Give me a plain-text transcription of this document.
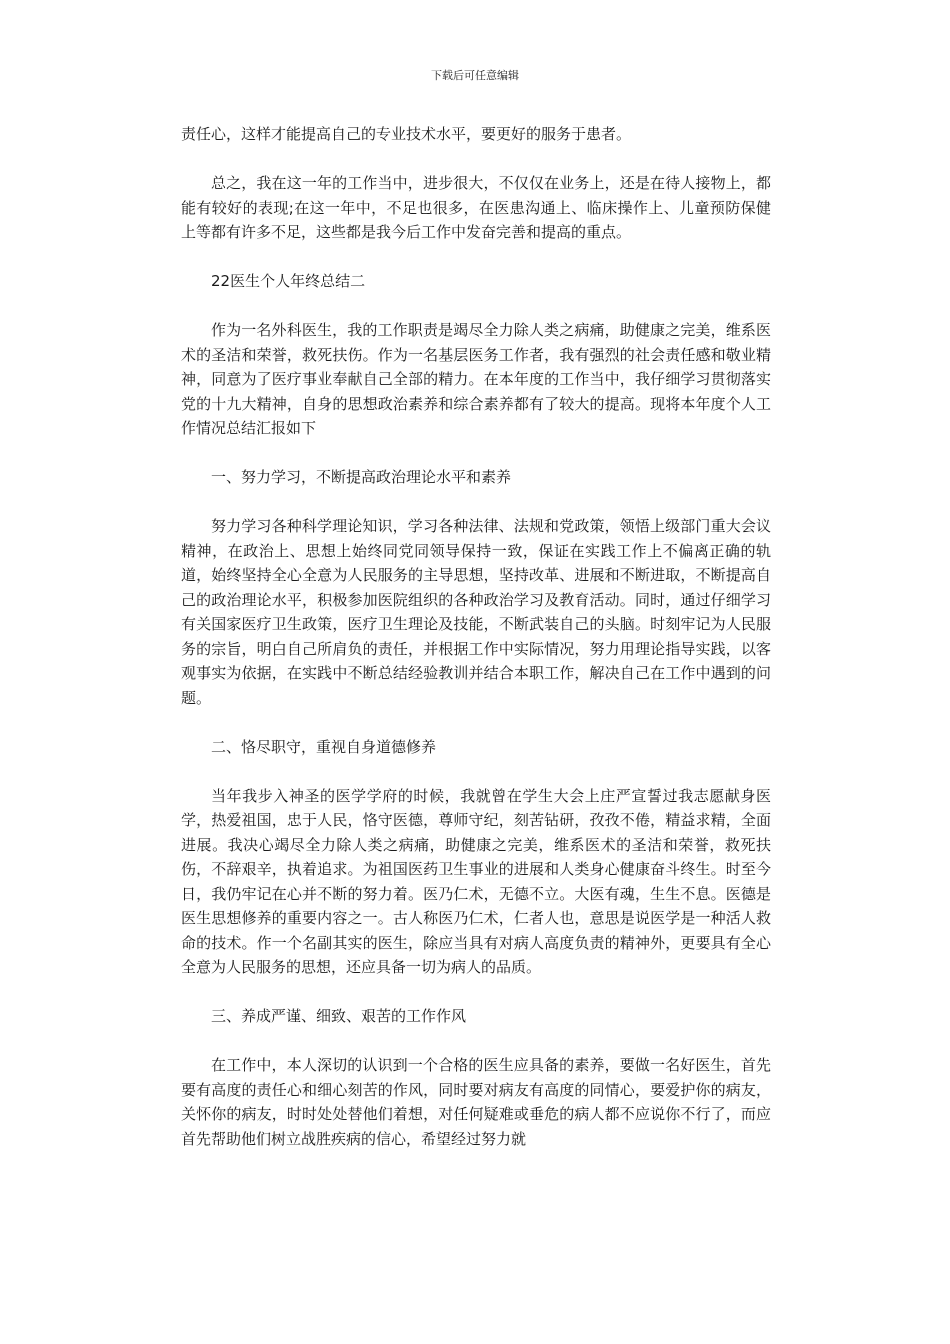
下载后可任意编辑

责任心，这样才能提高自己的专业技术水平，要更好的服务于患者。

总之，我在这一年的工作当中，进步很大，不仅仅在业务上，还是在待人接物上，都能有较好的表现;在这一年中，不足也很多，在医患沟通上、临床操作上、儿童预防保健上等都有许多不足，这些都是我今后工作中发奋完善和提高的重点。

22医生个人年终总结二

作为一名外科医生，我的工作职责是竭尽全力除人类之病痛，助健康之完美，维系医术的圣洁和荣誉，救死扶伤。作为一名基层医务工作者，我有强烈的社会责任感和敬业精神，同意为了医疗事业奉献自己全部的精力。在本年度的工作当中，我仔细学习贯彻落实党的十九大精神，自身的思想政治素养和综合素养都有了较大的提高。现将本年度个人工作情况总结汇报如下

一、努力学习，不断提高政治理论水平和素养

努力学习各种科学理论知识，学习各种法律、法规和党政策，领悟上级部门重大会议精神，在政治上、思想上始终同党同领导保持一致，保证在实践工作上不偏离正确的轨道，始终坚持全心全意为人民服务的主导思想，坚持改革、进展和不断进取，不断提高自己的政治理论水平，积极参加医院组织的各种政治学习及教育活动。同时，通过仔细学习有关国家医疗卫生政策，医疗卫生理论及技能，不断武装自己的头脑。时刻牢记为人民服务的宗旨，明白自己所肩负的责任，并根据工作中实际情况，努力用理论指导实践，以客观事实为依据，在实践中不断总结经验教训并结合本职工作，解决自己在工作中遇到的问题。

二、恪尽职守，重视自身道德修养

当年我步入神圣的医学学府的时候，我就曾在学生大会上庄严宣誓过我志愿献身医学，热爱祖国，忠于人民，恪守医德，尊师守纪，刻苦钻研，孜孜不倦，精益求精，全面进展。我决心竭尽全力除人类之病痛，助健康之完美，维系医术的圣洁和荣誉，救死扶伤，不辞艰辛，执着追求。为祖国医药卫生事业的进展和人类身心健康奋斗终生。时至今日，我仍牢记在心并不断的努力着。医乃仁术，无德不立。大医有魂，生生不息。医德是医生思想修养的重要内容之一。古人称医乃仁术，仁者人也，意思是说医学是一种活人救命的技术。作一个名副其实的医生，除应当具有对病人高度负责的精神外，更要具有全心全意为人民服务的思想，还应具备一切为病人的品质。

三、养成严谨、细致、艰苦的工作作风

在工作中，本人深切的认识到一个合格的医生应具备的素养，要做一名好医生，首先要有高度的责任心和细心刻苦的作风，同时要对病友有高度的同情心，要爱护你的病友，关怀你的病友，时时处处替他们着想，对任何疑难或垂危的病人都不应说你不行了，而应首先帮助他们树立战胜疾病的信心，希望经过努力就
